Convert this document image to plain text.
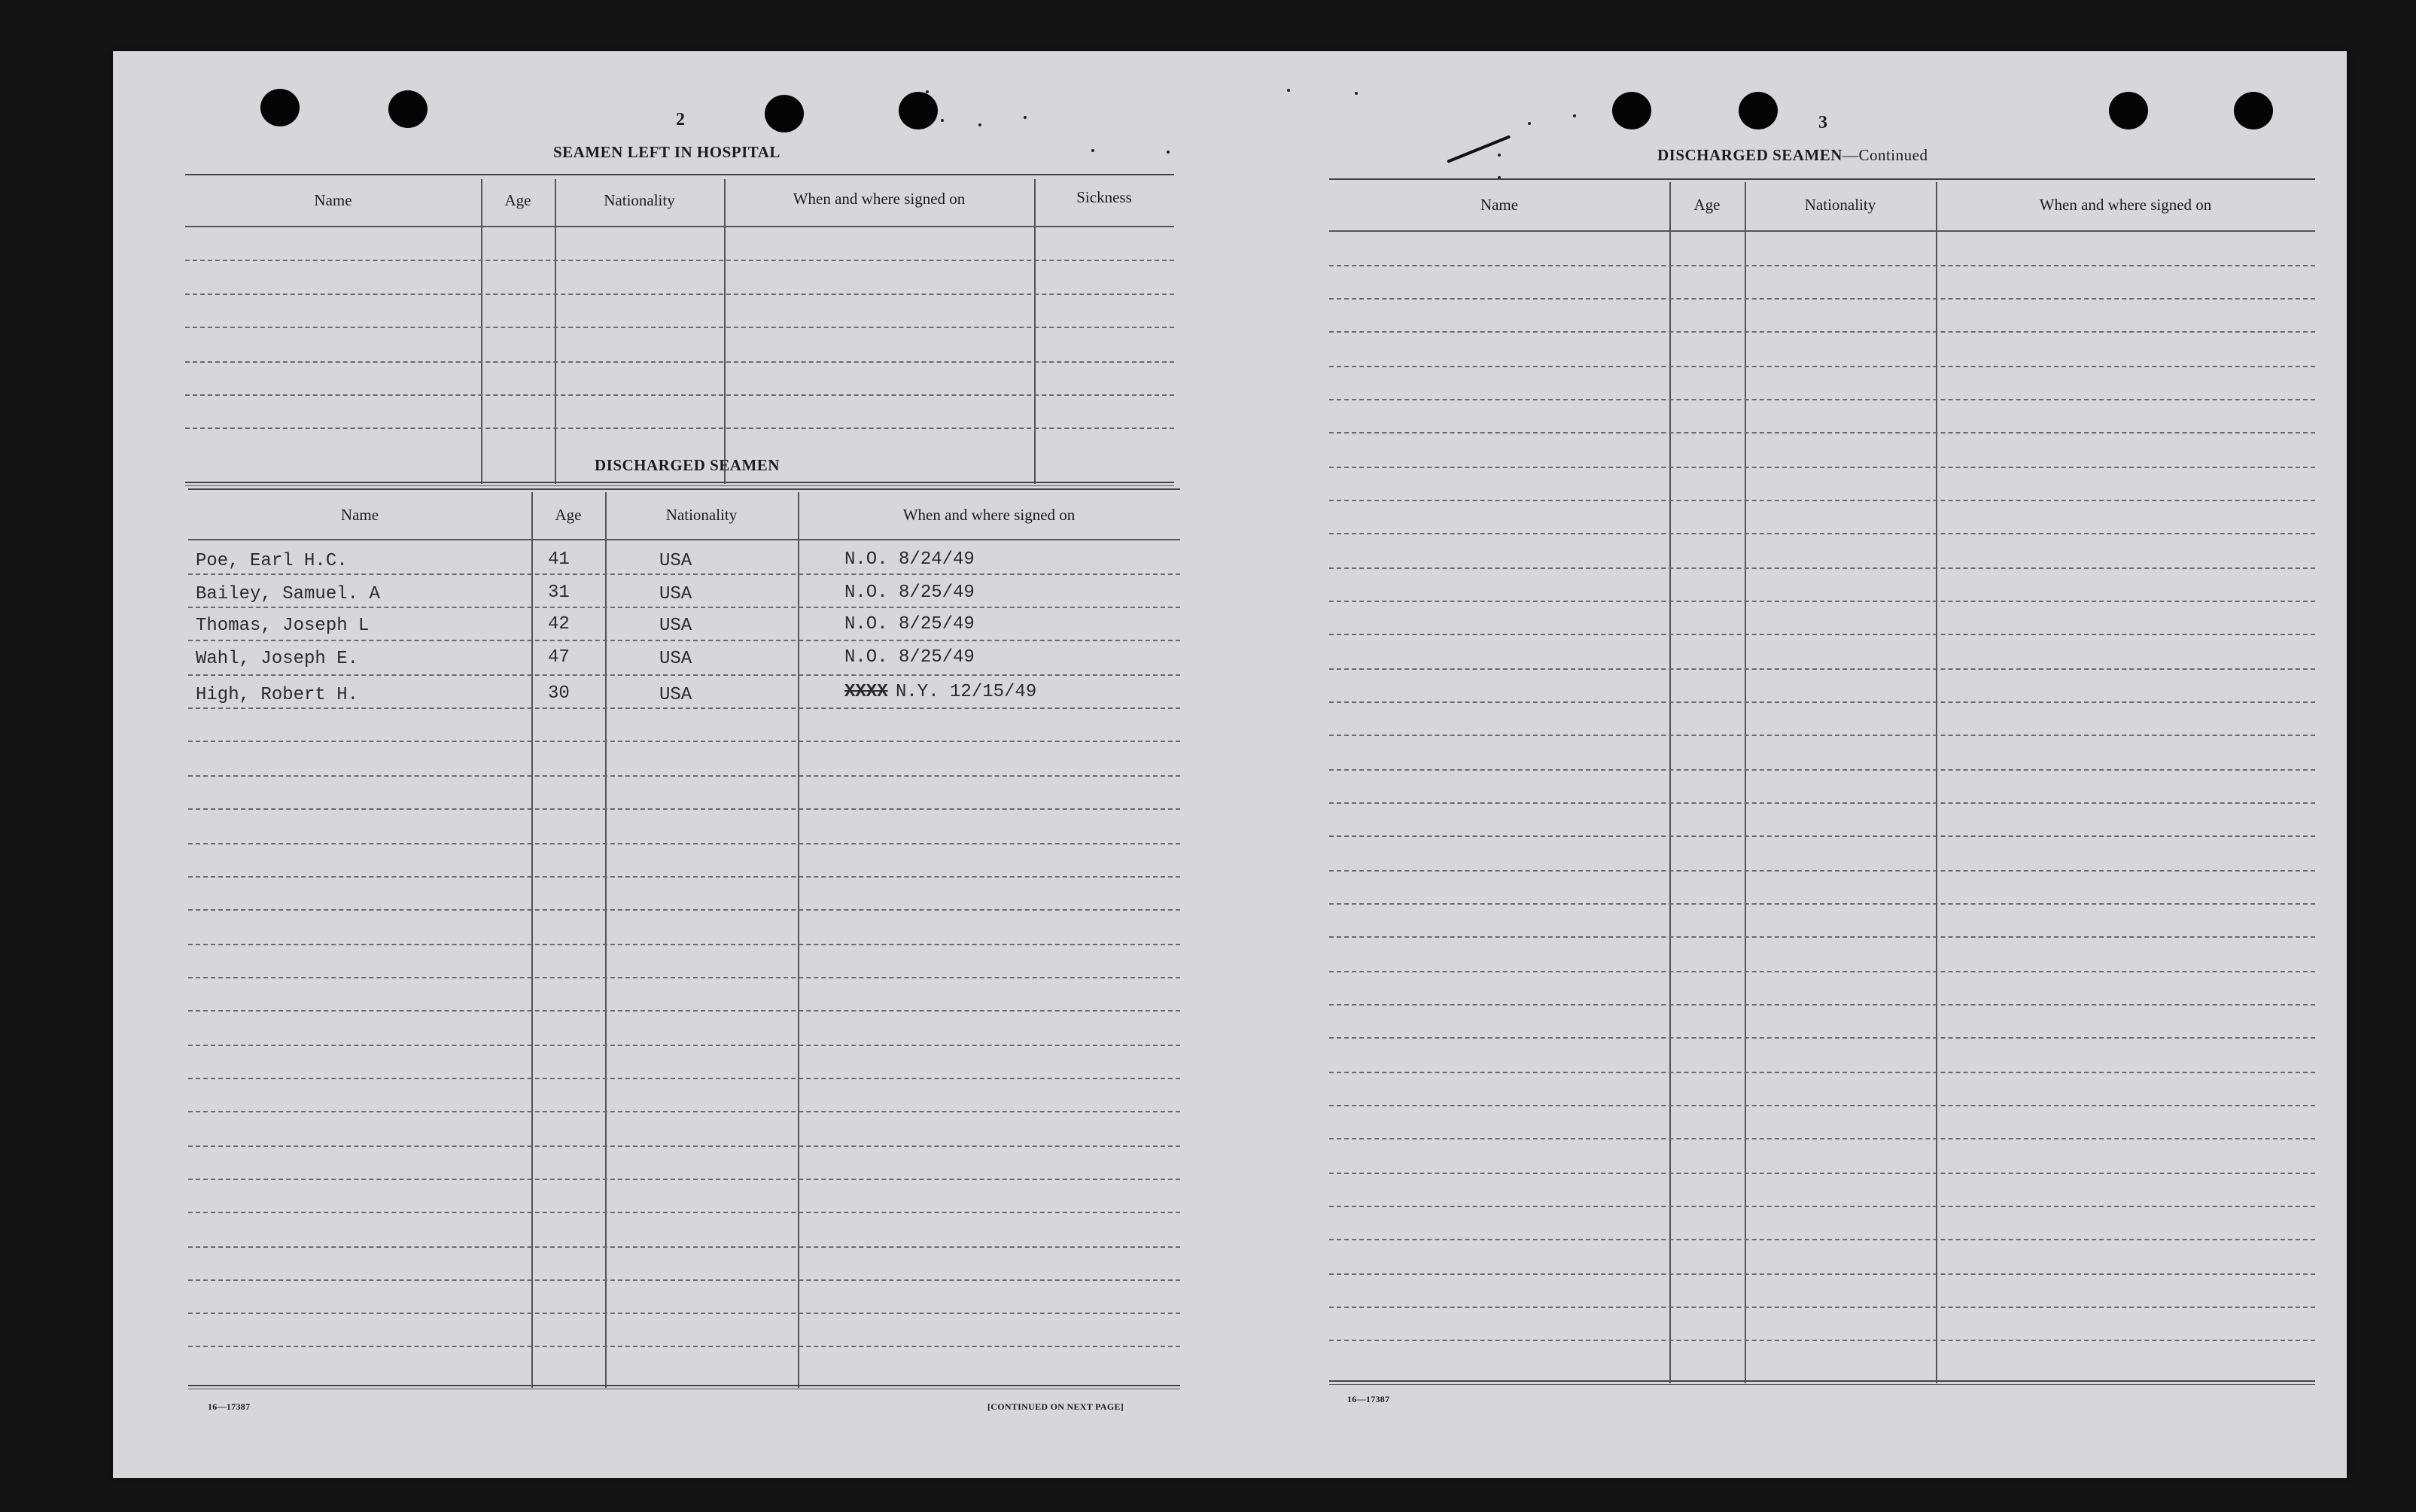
2
SEAMEN LEFT IN HOSPITAL
Name	Age	Nationality	When and where signed on	Sickness
DISCHARGED SEAMEN
Name	Age	Nationality	When and where signed on
Poe, Earl H.C.	41	USA	N.O. 8/24/49
Bailey, Samuel. A	31	USA	N.O. 8/25/49
Thomas, Joseph L	42	USA	N.O. 8/25/49
Wahl, Joseph E.	47	USA	N.O. 8/25/49
High, Robert H.	30	USA	XXXX N.Y. 12/15/49
16—17387	[CONTINUED ON NEXT PAGE]
3
DISCHARGED SEAMEN—Continued
Name	Age	Nationality	When and where signed on
16—17387
